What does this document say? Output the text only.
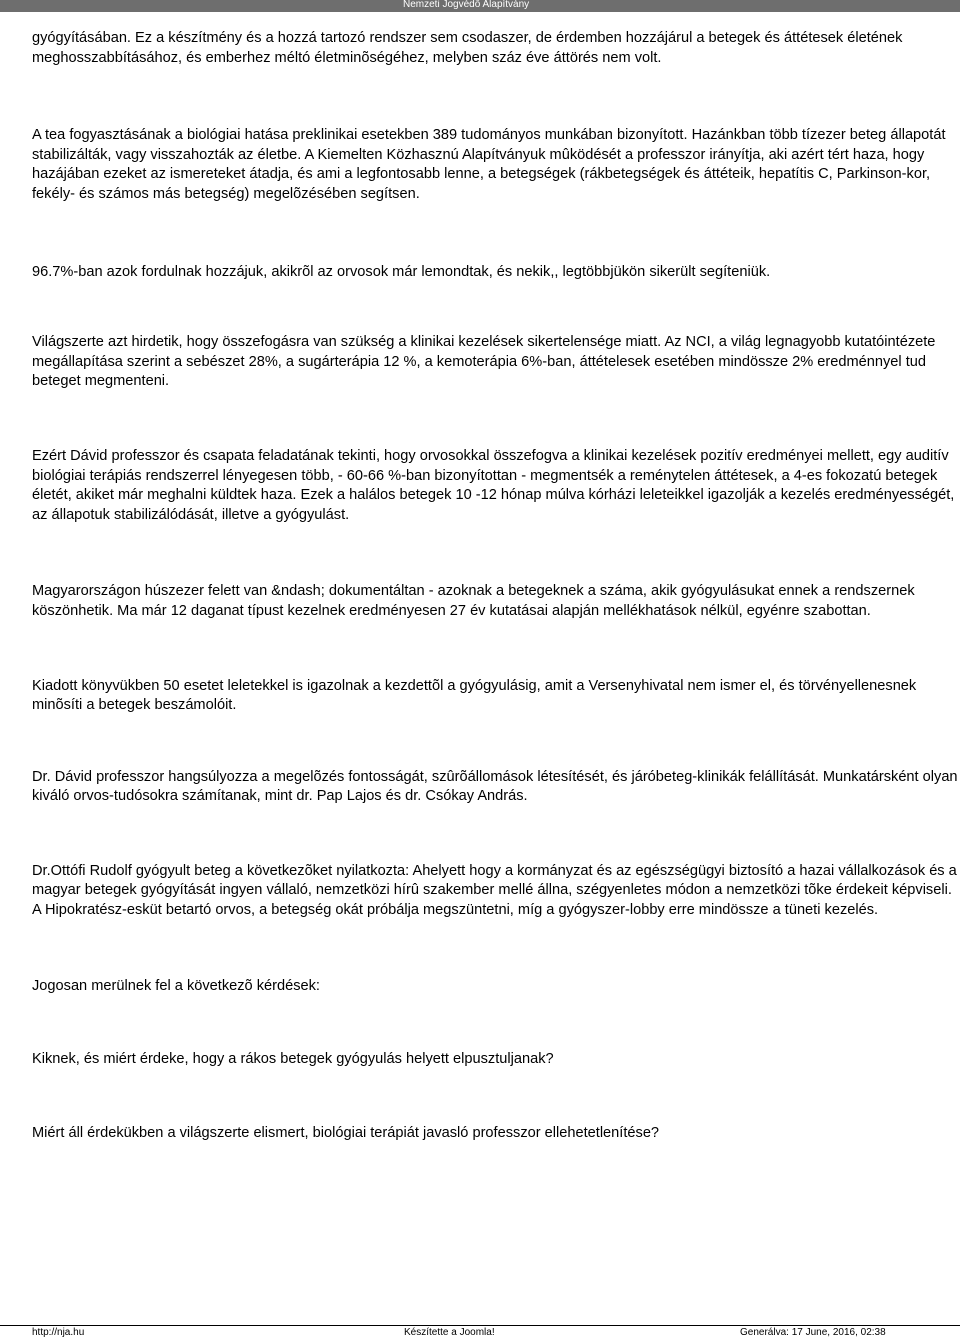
Nemzeti Jogvédõ Alapítvány

gyógyításában. Ez a készítmény és a hozzá tartozó rendszer sem csodaszer, de érdemben hozzájárul a betegek és áttétesek életének meghosszabbításához, és emberhez méltó életminõségéhez, melyben száz éve áttörés nem volt.

A tea fogyasztásának a biológiai hatása preklinikai esetekben 389 tudományos munkában bizonyított. Hazánkban több tízezer beteg állapotát stabilizálták, vagy visszahozták az életbe. A Kiemelten Közhasznú Alapítványuk mûködését a professzor irányítja, aki azért tért haza, hogy hazájában ezeket az ismereteket átadja, és ami a legfontosabb lenne, a betegségek (rákbetegségek és áttéteik, hepatítis C, Parkinson-kor, fekély- és számos más betegség) megelõzésében segítsen.

96.7%-ban azok fordulnak hozzájuk, akikrõl az orvosok már lemondtak, és nekik,, legtöbbjükön sikerült segíteniük.

Világszerte azt hirdetik, hogy összefogásra van szükség a klinikai kezelések sikertelensége miatt. Az NCI, a világ legnagyobb kutatóintézete megállapítása szerint a sebészet 28%, a sugárterápia 12 %, a kemoterápia 6%-ban, áttételesek esetében mindössze 2% eredménnyel tud beteget megmenteni.

Ezért Dávid professzor és csapata feladatának tekinti, hogy orvosokkal összefogva a klinikai kezelések pozitív eredményei mellett, egy auditív biológiai terápiás rendszerrel lényegesen több, - 60-66 %-ban bizonyítottan - megmentsék a reménytelen áttétesek, a 4-es fokozatú betegek életét, akiket már meghalni küldtek haza. Ezek a halálos betegek 10 -12 hónap múlva kórházi leleteikkel igazolják a kezelés eredményességét, az állapotuk stabilizálódását, illetve a gyógyulást.

Magyarországon húszezer felett van &ndash; dokumentáltan - azoknak a betegeknek a száma, akik gyógyulásukat ennek a rendszernek köszönhetik. Ma már 12 daganat típust kezelnek eredményesen 27 év kutatásai alapján mellékhatások nélkül, egyénre szabottan.

Kiadott könyvükben 50 esetet leletekkel is igazolnak a kezdettõl a gyógyulásig, amit a Versenyhivatal nem ismer el, és törvényellenesnek minõsíti a betegek beszámolóit.

Dr. Dávid professzor hangsúlyozza a megelõzés fontosságát, szûrõállomások létesítését, és járóbeteg-klinikák felállítását. Munkatársként olyan kiváló orvos-tudósokra számítanak, mint dr. Pap Lajos és dr. Csókay András.

Dr.Ottófi Rudolf gyógyult beteg a következõket nyilatkozta: Ahelyett hogy a kormányzat és az egészségügyi biztosító a hazai vállalkozások és a magyar betegek gyógyítását ingyen vállaló, nemzetközi hírû szakember mellé állna, szégyenletes módon a nemzetközi tõke érdekeit képviseli. A Hipokratész-esküt betartó orvos, a betegség okát próbálja megszüntetni, míg a gyógyszer-lobby erre mindössze a tüneti kezelés.

Jogosan merülnek fel a következõ kérdések:

Kiknek, és miért érdeke, hogy a rákos betegek gyógyulás helyett elpusztuljanak?

Miért áll érdekükben a világszerte elismert, biológiai terápiát javasló professzor ellehetetlenítése?

http://nja.hu	Készítette a Joomla!	Generálva: 17 June, 2016, 02:38
